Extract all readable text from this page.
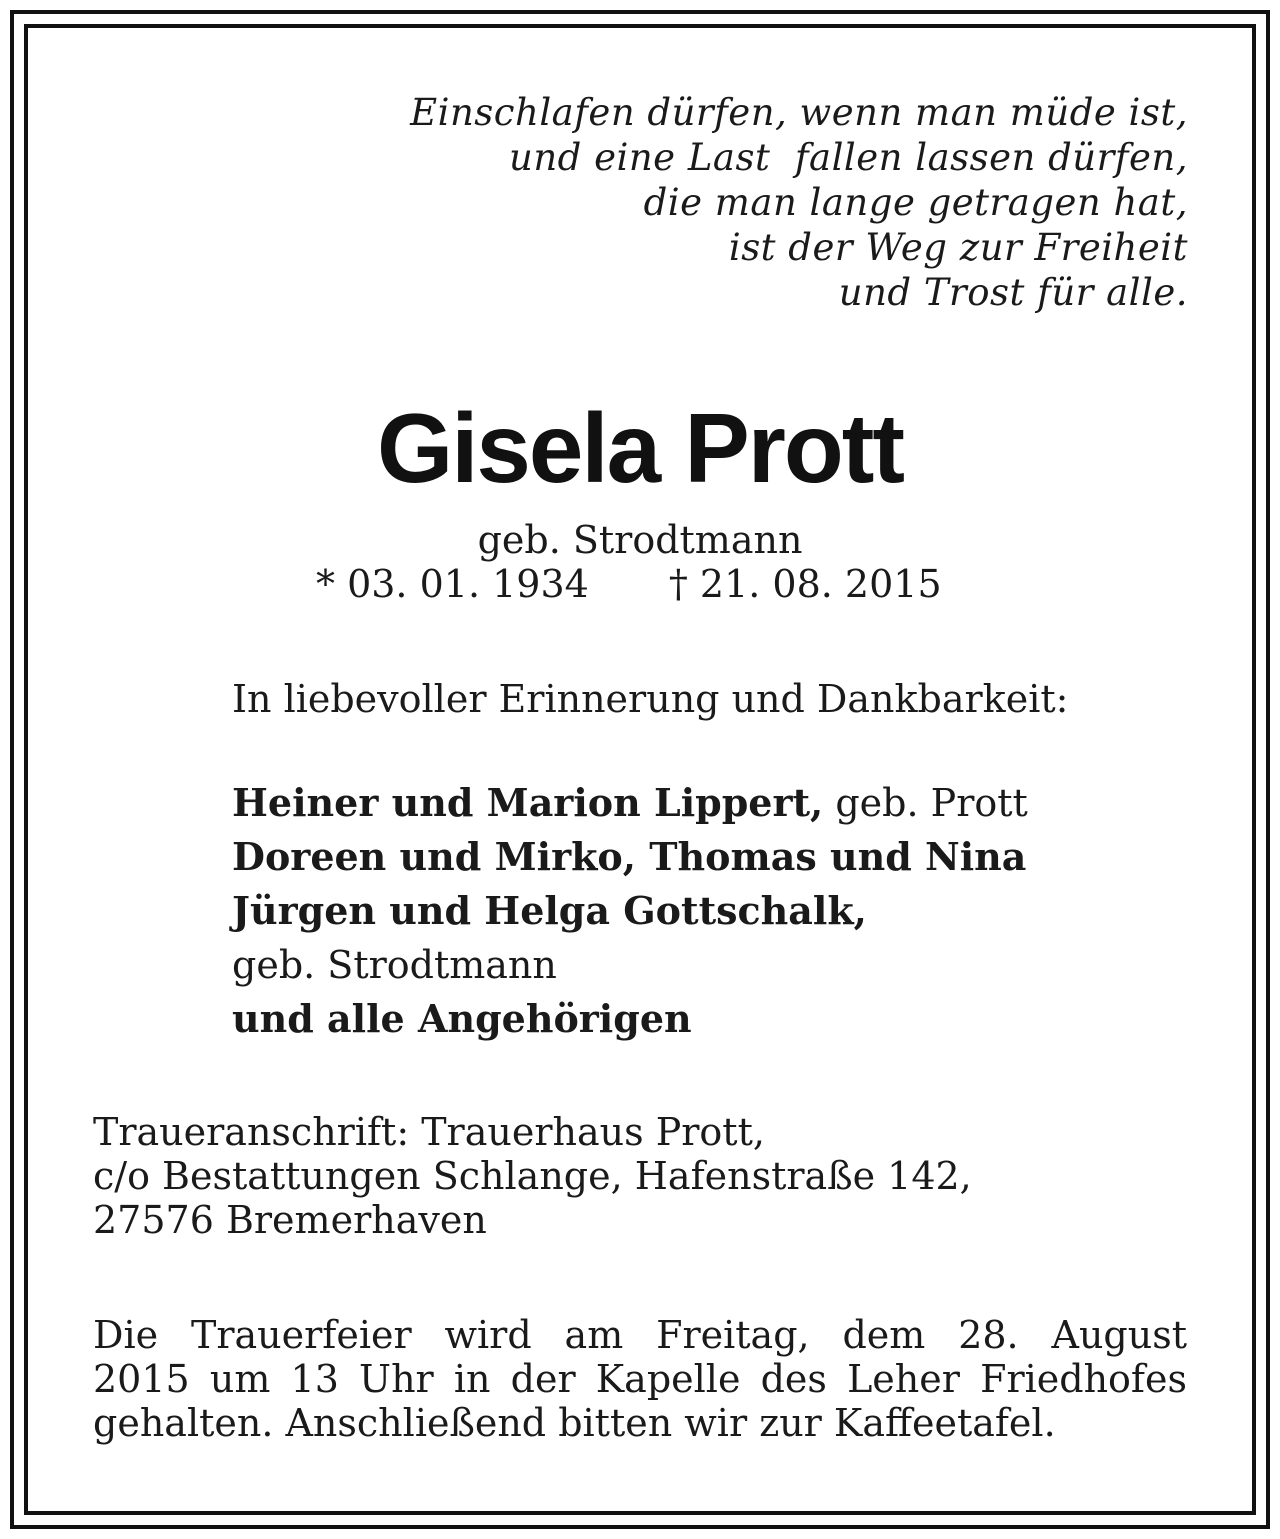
Einschlafen dürfen, wenn man müde ist,
und eine Last  fallen lassen dürfen,
die man lange getragen hat,
ist der Weg zur Freiheit
und Trost für alle.
Gisela Prott
geb. Strodtmann
* 03. 01. 1934 † 21. 08. 2015
In liebevoller Erinnerung und Dankbarkeit:
Heiner und Marion Lippert, geb. Prott
Doreen und Mirko, Thomas und Nina
Jürgen und Helga Gottschalk,
geb. Strodtmann
und alle Angehörigen
Traueranschrift: Trauerhaus Prott,
c/o Bestattungen Schlange, Hafenstraße 142,
27576 Bremerhaven
Die Trauerfeier wird am Freitag, dem 28. August
2015 um 13 Uhr in der Kapelle des Leher Friedhofes
gehalten. Anschließend bitten wir zur Kaffeetafel.
